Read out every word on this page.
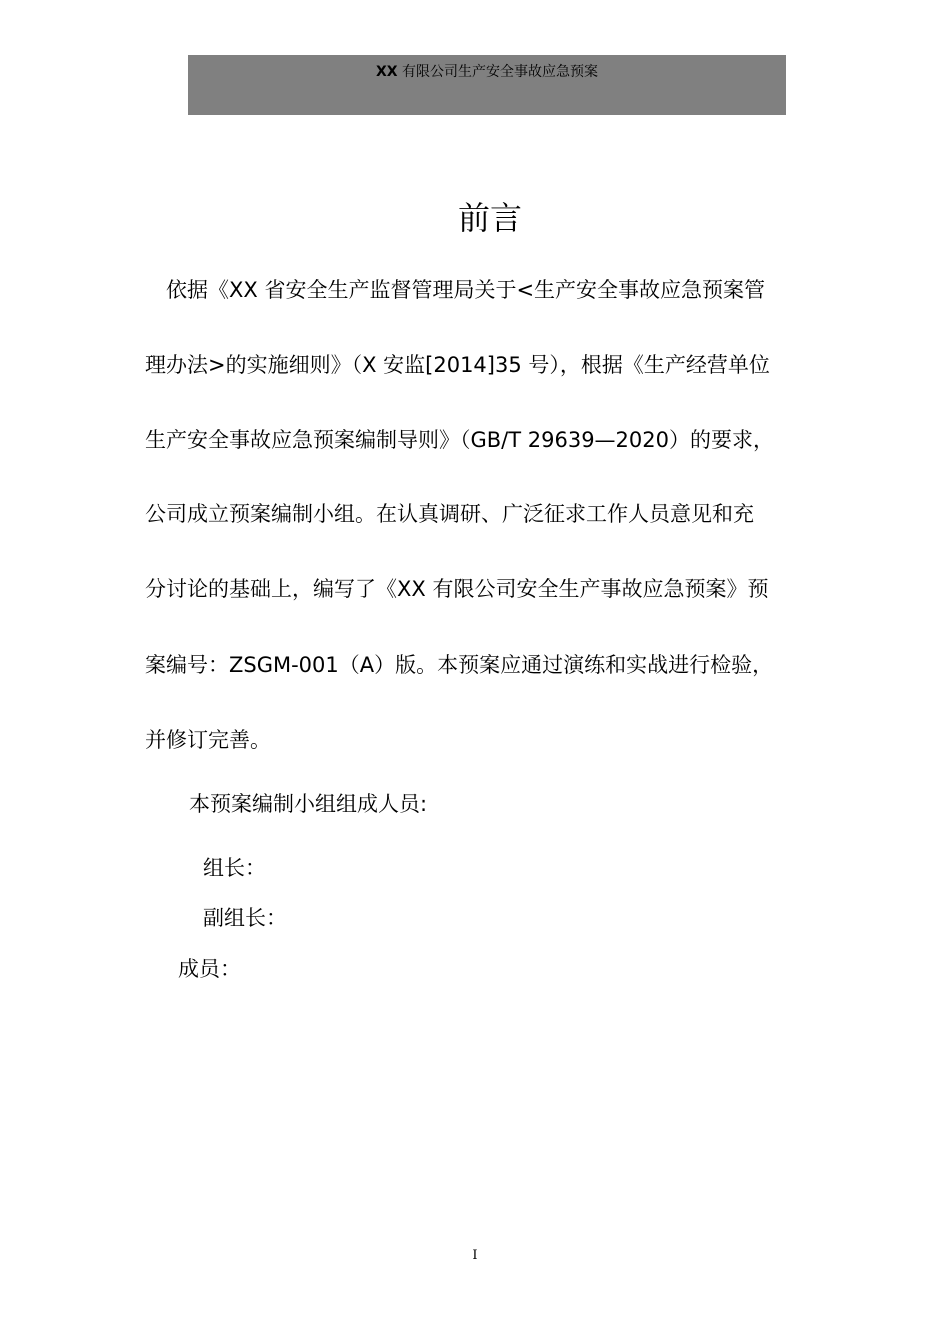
XX 有限公司生产安全事故应急预案
前言
依据《XX 省安全生产监督管理局关于<生产安全事故应急预案管
理办法>的实施细则》（X 安监[2014]35 号），根据《生产经营单位
生产安全事故应急预案编制导则》（GB/T 29639—2020）的要求，
公司成立预案编制小组。在认真调研、广泛征求工作人员意见和充
分讨论的基础上，编写了《XX 有限公司安全生产事故应急预案》预
案编号：ZSGM-001（A）版。本预案应通过演练和实战进行检验，
并修订完善。
本预案编制小组组成人员:
组长：
副组长：
成员：
I
